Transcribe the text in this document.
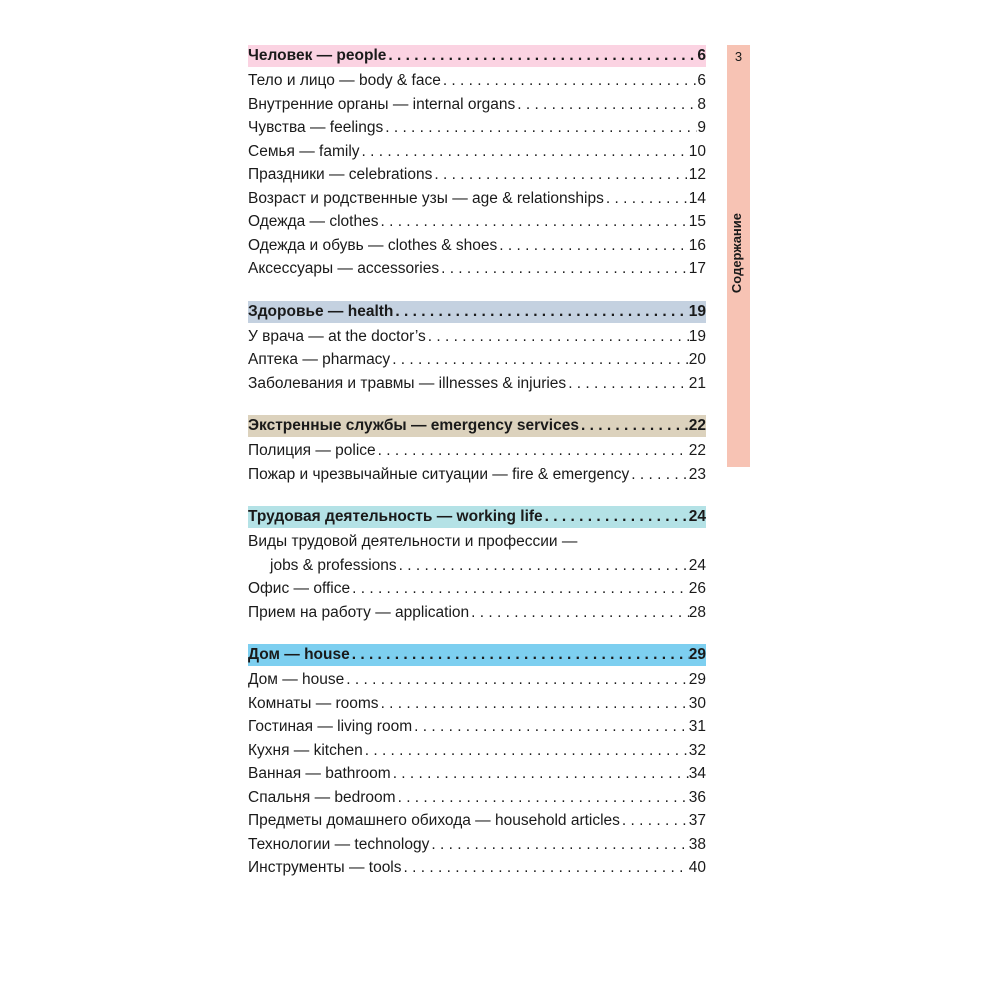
Человек — people . . .	6
Тело и лицо — body & face . . .	6
Внутренние органы — internal organs . . .	8
Чувства — feelings . . .	9
Семья — family . . .	10
Праздники — celebrations . . .	12
Возраст и родственные узы — age & relationships . . .	14
Одежда — clothes . . .	15
Одежда и обувь — clothes & shoes . . .	16
Аксессуары — accessories . . .	17
Здоровье — health . . .	19
У врача — at the doctor’s . . .	19
Аптека — pharmacy . . .	20
Заболевания и травмы — illnesses & injuries . . .	21
Экстренные службы — emergency services . . .	22
Полиция — police . . .	22
Пожар и чрезвычайные ситуации — fire & emergency . . .	23
Трудовая деятельность — working life . . .	24
Виды трудовой деятельности и профессии —
jobs & professions . . .	24
Офис — office . . .	26
Прием на работу — application . . .	28
Дом — house . . .	29
Дом — house . . .	29
Комнаты — rooms . . .	30
Гостиная — living room . . .	31
Кухня — kitchen . . .	32
Ванная — bathroom . . .	34
Спальня — bedroom . . .	36
Предметы домашнего обихода — household articles . . .	37
Технологии — technology . . .	38
Инструменты — tools . . .	40
3
Содержание
